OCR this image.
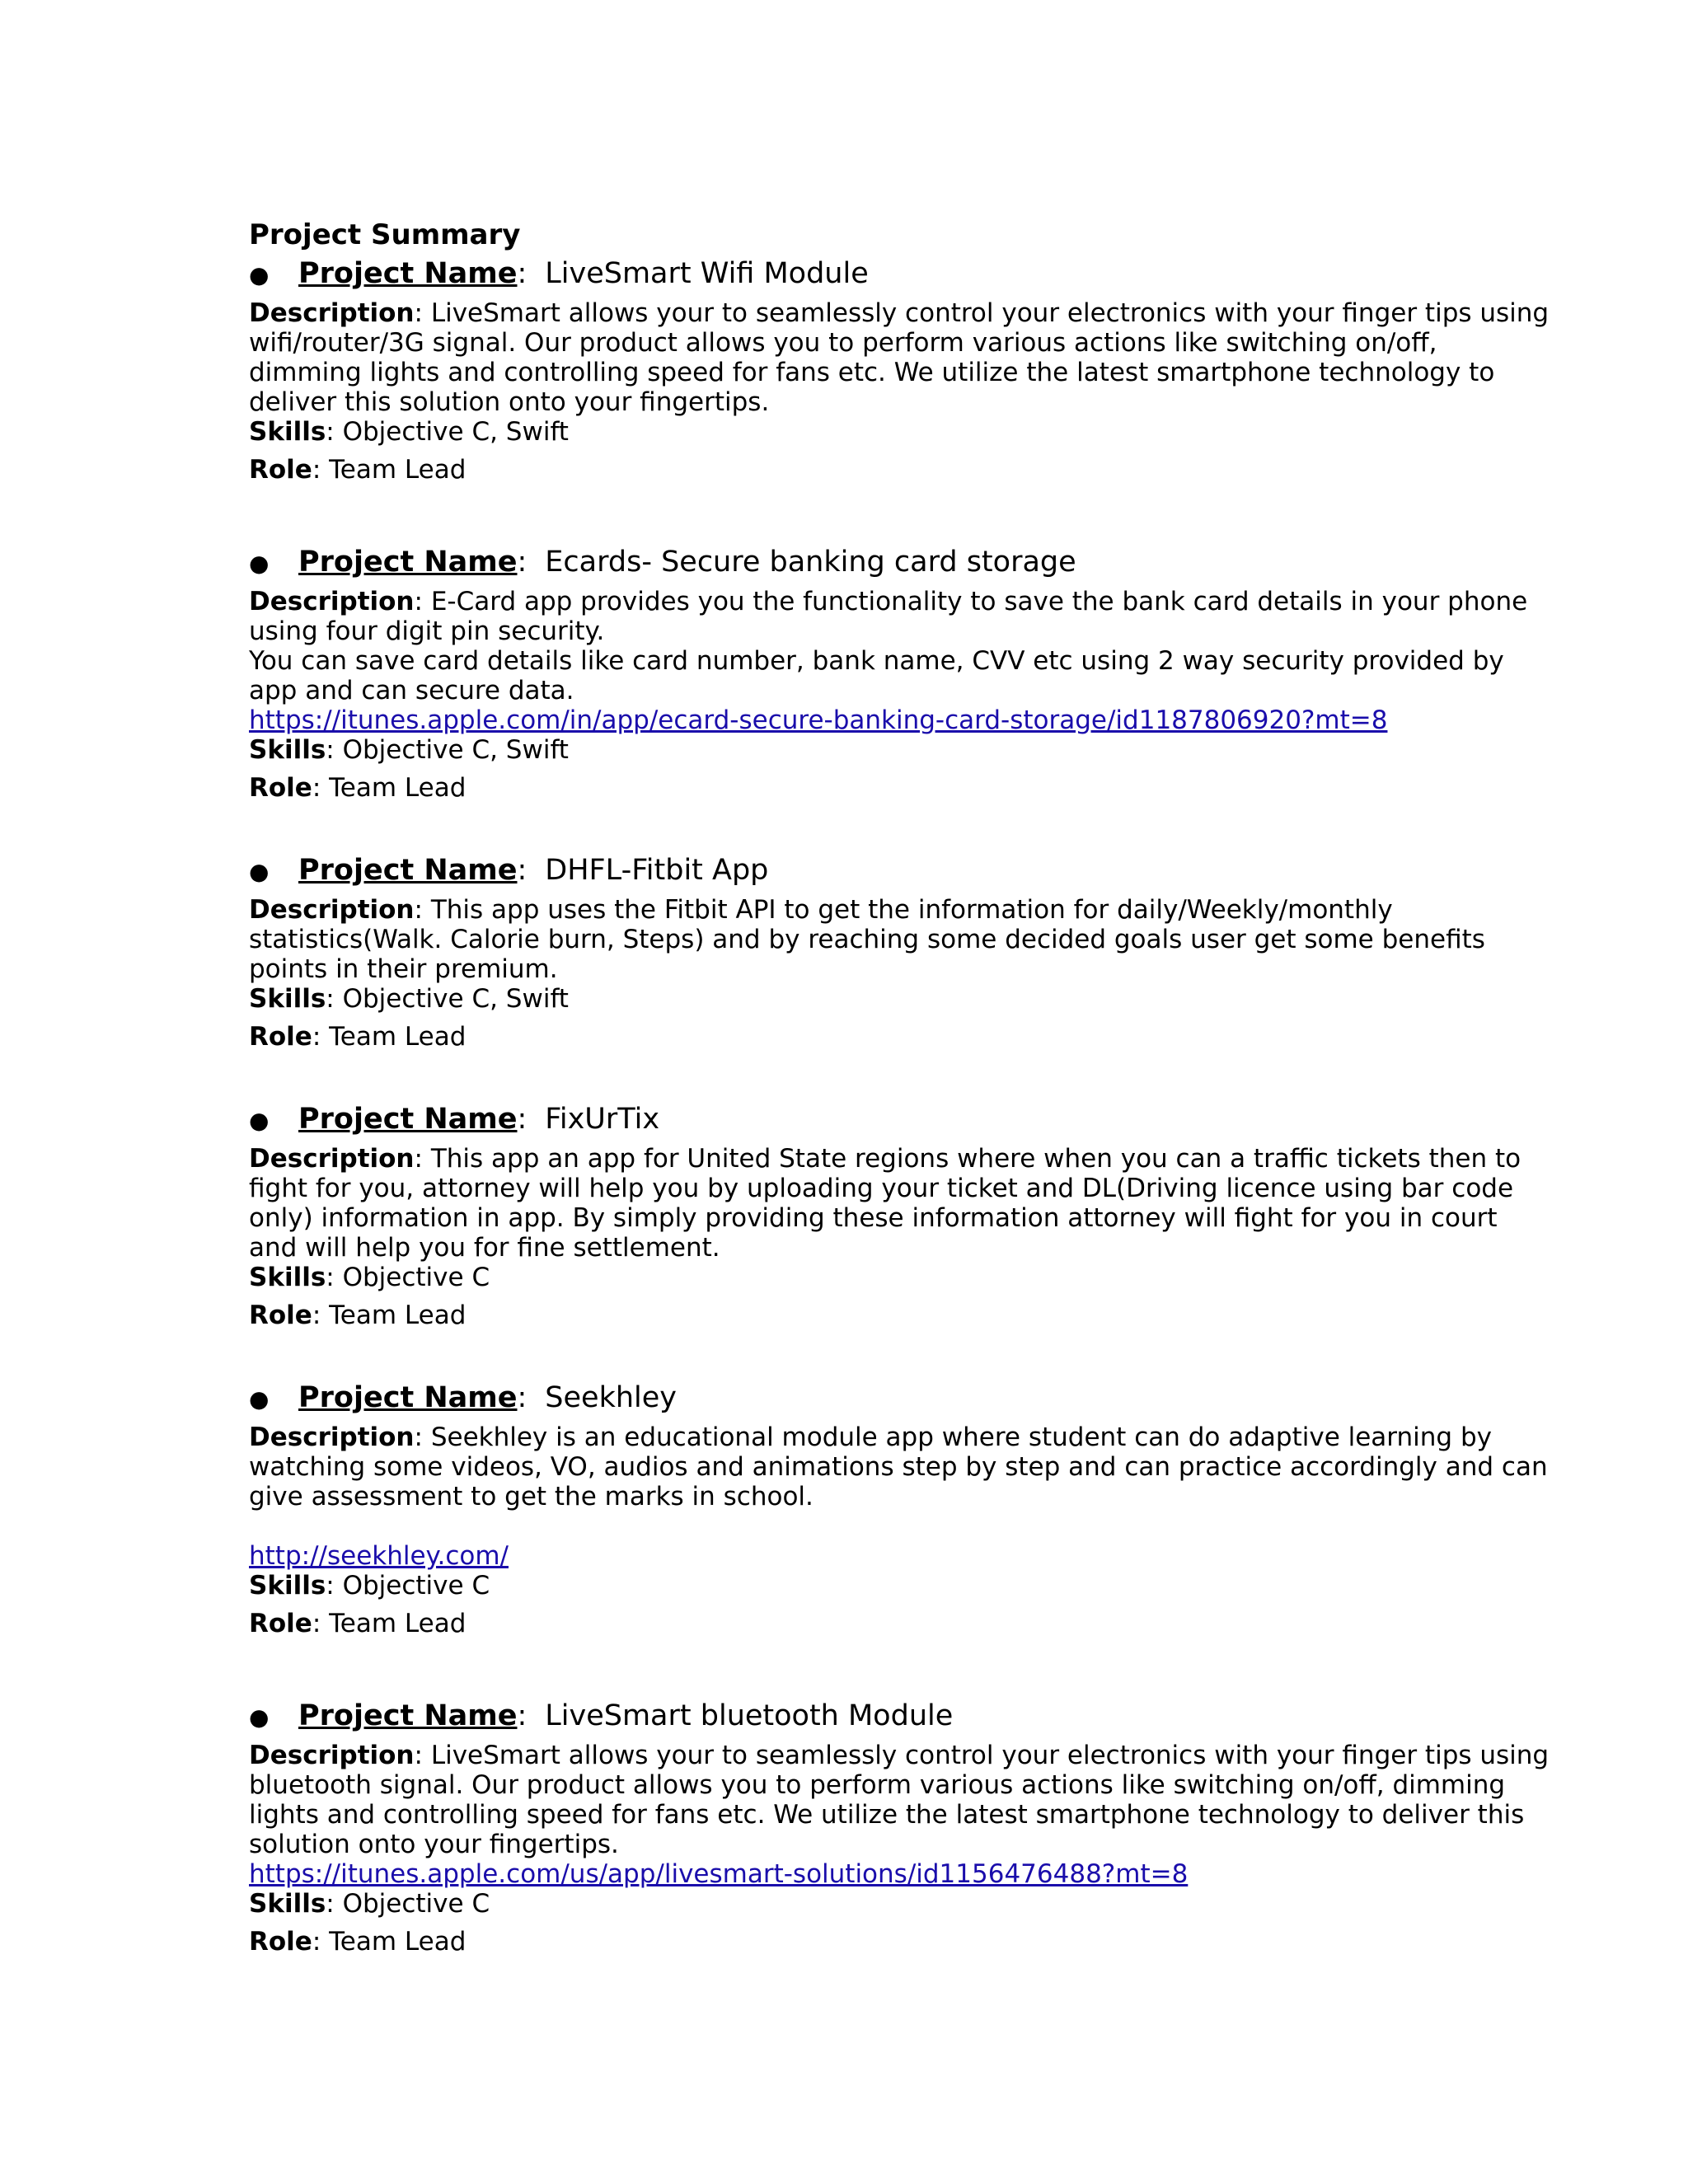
Project Summary
●	Project Name : LiveSmart Wifi Module

Description: LiveSmart allows your to seamlessly control your electronics with your finger tips using wifi/router/3G signal. Our product allows you to perform various actions like switching on/off, dimming lights and controlling speed for fans etc. We utilize the latest smartphone technology to deliver this solution onto your fingertips.

Skills: Objective C, Swift

Role: Team Lead

●	Project Name : Ecards- Secure banking card storage

Description: E-Card app provides you the functionality to save the bank card details in your phone using four digit pin security.

You can save card details like card number, bank name, CVV etc using 2 way security provided by app and can secure data.

https://itunes.apple.com/in/app/ecard-secure-banking-card-storage/id1187806920?mt=8

Skills: Objective C, Swift

Role: Team Lead

●	Project Name : DHFL-Fitbit App

Description: This app uses the Fitbit API to get the information for daily/Weekly/monthly statistics(Walk. Calorie burn, Steps) and by reaching some decided goals user get some benefits points in their premium.

Skills: Objective C, Swift

Role: Team Lead

●	Project Name : FixUrTix

Description: This app an app for United State regions where when you can a traffic tickets then to fight for you, attorney will help you by uploading your ticket and DL(Driving licence using bar code only) information in app. By simply providing these information attorney will fight for you in court and will help you for fine settlement.

Skills: Objective C

Role: Team Lead

●	Project Name : Seekhley

Description: Seekhley is an educational module app where student can do adaptive learning by watching some videos, VO, audios and animations step by step and can practice accordingly and can give assessment to get the marks in school.

http://seekhley.com/

Skills: Objective C

Role: Team Lead

●	Project Name : LiveSmart bluetooth Module

Description: LiveSmart allows your to seamlessly control your electronics with your finger tips using bluetooth signal. Our product allows you to perform various actions like switching on/off, dimming lights and controlling speed for fans etc. We utilize the latest smartphone technology to deliver this solution onto your fingertips.

https://itunes.apple.com/us/app/livesmart-solutions/id1156476488?mt=8

Skills: Objective C

Role: Team Lead
